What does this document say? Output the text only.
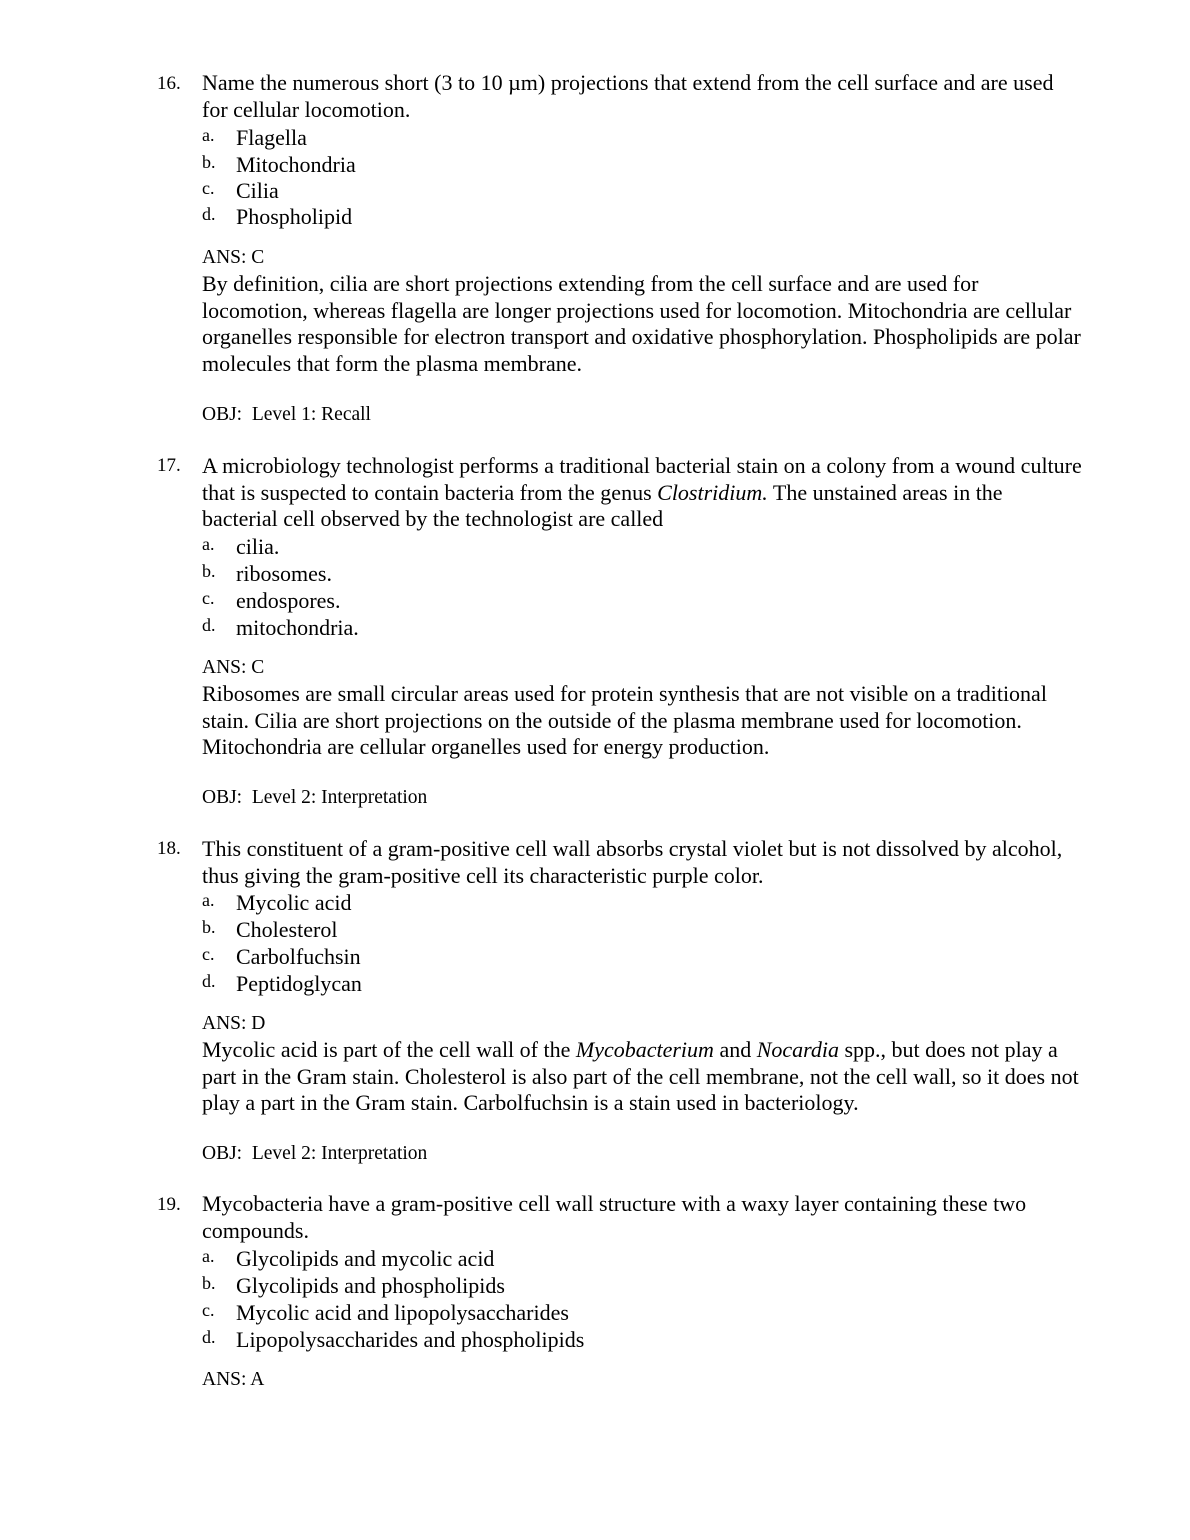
16. Name the numerous short (3 to 10 µm) projections that extend from the cell surface and are used for cellular locomotion.
a. Flagella
b. Mitochondria
c. Cilia
d. Phospholipid
ANS: C
By definition, cilia are short projections extending from the cell surface and are used for locomotion, whereas flagella are longer projections used for locomotion. Mitochondria are cellular organelles responsible for electron transport and oxidative phosphorylation. Phospholipids are polar molecules that form the plasma membrane.
OBJ: Level 1: Recall
17. A microbiology technologist performs a traditional bacterial stain on a colony from a wound culture that is suspected to contain bacteria from the genus Clostridium. The unstained areas in the bacterial cell observed by the technologist are called
a. cilia.
b. ribosomes.
c. endospores.
d. mitochondria.
ANS: C
Ribosomes are small circular areas used for protein synthesis that are not visible on a traditional stain. Cilia are short projections on the outside of the plasma membrane used for locomotion. Mitochondria are cellular organelles used for energy production.
OBJ: Level 2: Interpretation
18. This constituent of a gram-positive cell wall absorbs crystal violet but is not dissolved by alcohol, thus giving the gram-positive cell its characteristic purple color.
a. Mycolic acid
b. Cholesterol
c. Carbolfuchsin
d. Peptidoglycan
ANS: D
Mycolic acid is part of the cell wall of the Mycobacterium and Nocardia spp., but does not play a part in the Gram stain. Cholesterol is also part of the cell membrane, not the cell wall, so it does not play a part in the Gram stain. Carbolfuchsin is a stain used in bacteriology.
OBJ: Level 2: Interpretation
19. Mycobacteria have a gram-positive cell wall structure with a waxy layer containing these two compounds.
a. Glycolipids and mycolic acid
b. Glycolipids and phospholipids
c. Mycolic acid and lipopolysaccharides
d. Lipopolysaccharides and phospholipids
ANS: A
